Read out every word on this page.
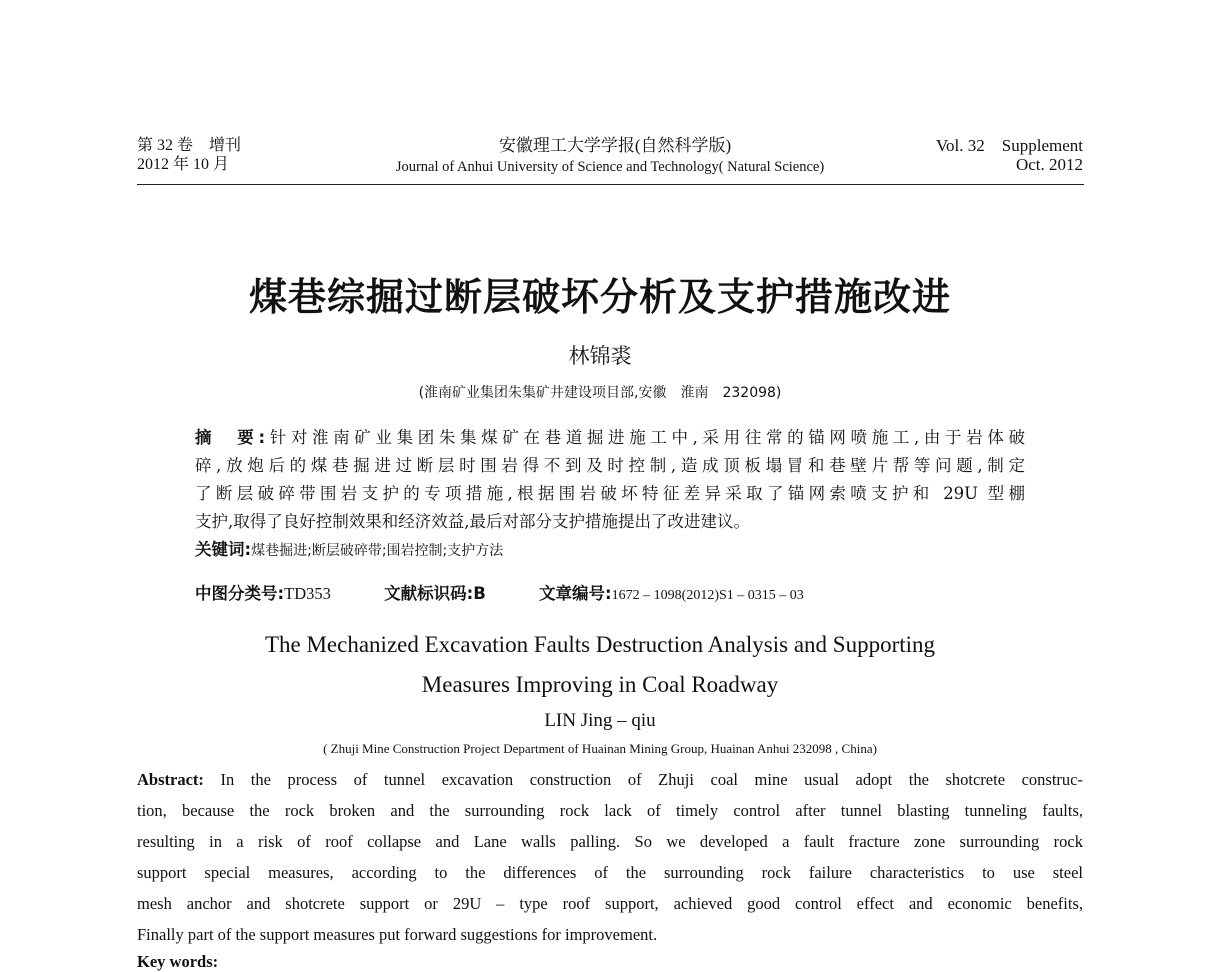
第 32 卷　增刊
2012 年 10 月
安徽理工大学学报(自然科学版)
Journal of Anhui University of Science and Technology( Natural Science)
Vol. 32　Supplement
Oct. 2012
煤巷综掘过断层破坏分析及支护措施改进
林锦裘
(淮南矿业集团朱集矿井建设项目部,安徽　淮南　232098)
摘　要:针对淮南矿业集团朱集煤矿在巷道掘进施工中,采用往常的锚网喷施工,由于岩体破
碎,放炮后的煤巷掘进过断层时围岩得不到及时控制,造成顶板塌冒和巷壁片帮等问题,制定
了断层破碎带围岩支护的专项措施,根据围岩破坏特征差异采取了锚网索喷支护和 29U 型棚
支护,取得了良好控制效果和经济效益,最后对部分支护措施提出了改进建议。
关键词:煤巷掘进;断层破碎带;围岩控制;支护方法
中图分类号:TD353	文献标识码:B	文章编号:1672 – 1098(2012)S1 – 0315 – 03
The Mechanized Excavation Faults Destruction Analysis and Supporting
Measures Improving in Coal Roadway
LIN Jing – qiu
( Zhuji Mine Construction Project Department of Huainan Mining Group, Huainan Anhui 232098 , China)
Abstract: In the process of tunnel excavation construction of Zhuji coal mine usual adopt the shotcrete construc-
tion, because the rock broken and the surrounding rock lack of timely control after tunnel blasting tunneling faults,
resulting in a risk of roof collapse and Lane walls palling. So we developed a fault fracture zone surrounding rock
support special measures, according to the differences of the surrounding rock failure characteristics to use steel
mesh anchor and shotcrete support or 29U – type roof support, achieved good control effect and economic benefits,
Finally part of the support measures put forward suggestions for improvement.
Key words:
